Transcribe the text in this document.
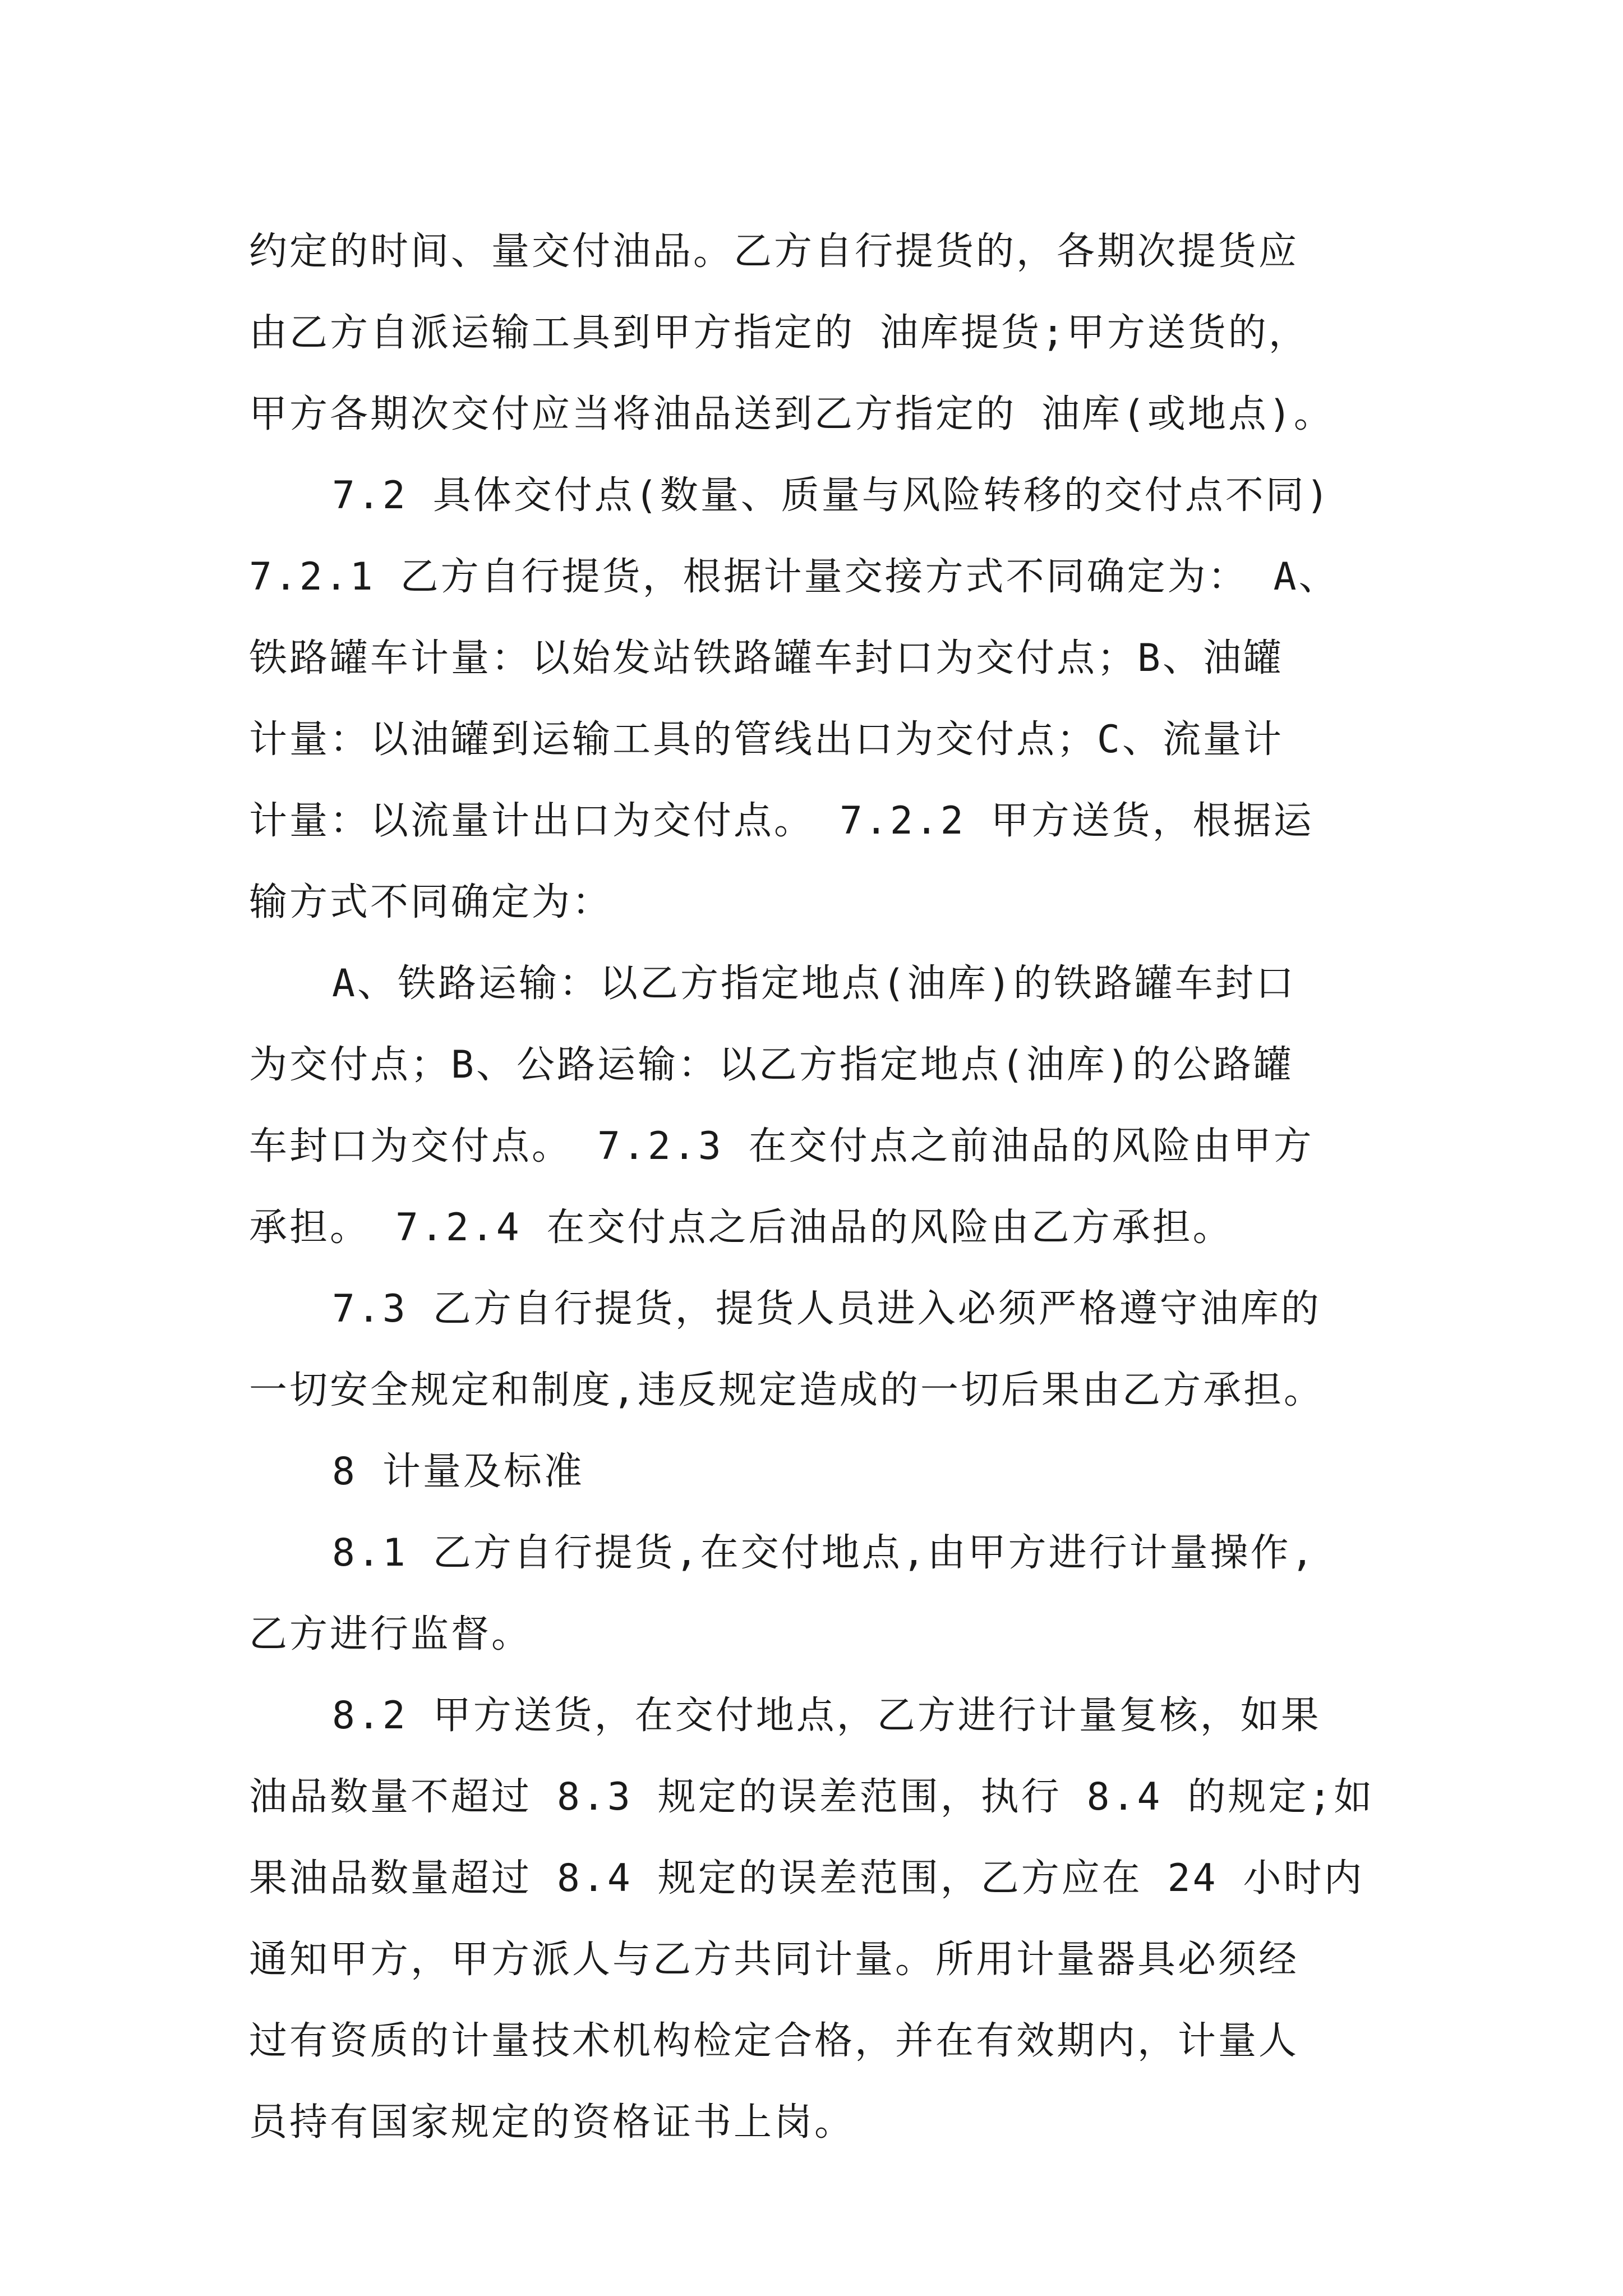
约定的时间、量交付油品。乙方自行提货的，各期次提货应
由乙方自派运输工具到甲方指定的 油库提货;甲方送货的，
甲方各期次交付应当将油品送到乙方指定的 油库(或地点)。
7.2 具体交付点(数量、质量与风险转移的交付点不同)
7.2.1 乙方自行提货，根据计量交接方式不同确定为： A、
铁路罐车计量：以始发站铁路罐车封口为交付点；B、油罐
计量：以油罐到运输工具的管线出口为交付点；C、流量计
计量：以流量计出口为交付点。 7.2.2 甲方送货，根据运
输方式不同确定为：
A、铁路运输：以乙方指定地点(油库)的铁路罐车封口
为交付点；B、公路运输：以乙方指定地点(油库)的公路罐
车封口为交付点。 7.2.3 在交付点之前油品的风险由甲方
承担。 7.2.4 在交付点之后油品的风险由乙方承担。
7.3 乙方自行提货，提货人员进入必须严格遵守油库的
一切安全规定和制度,违反规定造成的一切后果由乙方承担。
8 计量及标准
8.1 乙方自行提货,在交付地点,由甲方进行计量操作,
乙方进行监督。
8.2 甲方送货，在交付地点，乙方进行计量复核，如果
油品数量不超过 8.3 规定的误差范围，执行 8.4 的规定;如
果油品数量超过 8.4 规定的误差范围，乙方应在 24 小时内
通知甲方，甲方派人与乙方共同计量。所用计量器具必须经
过有资质的计量技术机构检定合格，并在有效期内，计量人
员持有国家规定的资格证书上岗。
